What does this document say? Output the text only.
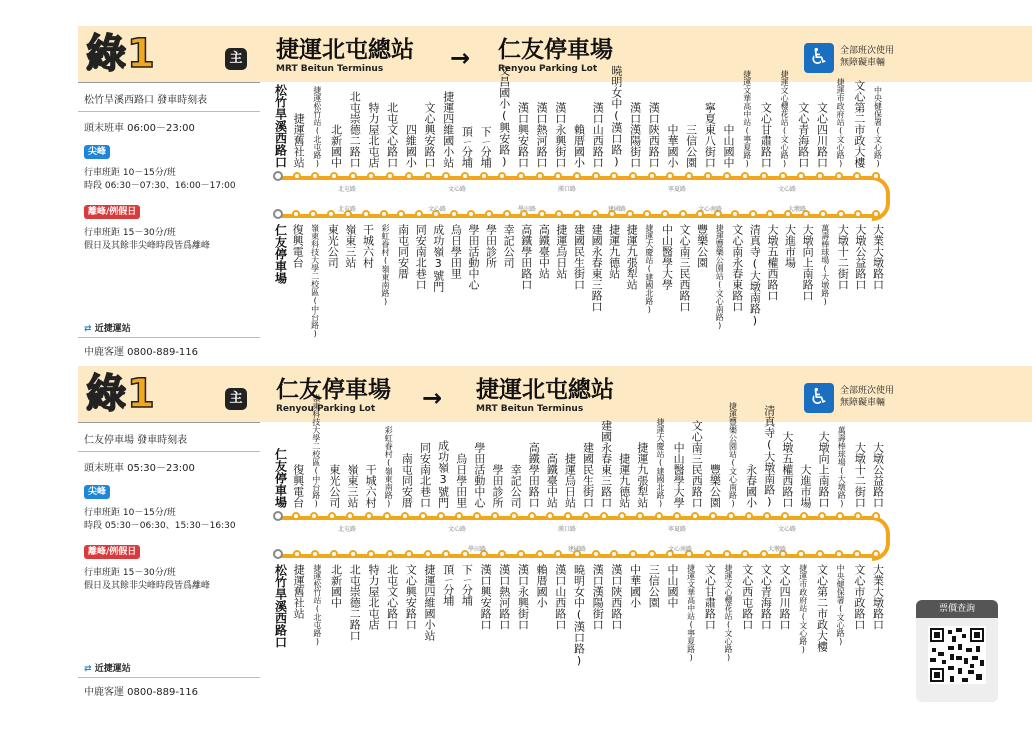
綠1	主 捷運北屯總站
MRT Beitun Terminus	→ 仁友停車場
Renyou Parking Lot	♿	全部班次使用
無障礙車輛
松竹旱溪西路口 發車時刻表
頭末班車 06:00－23:00
尖峰
行車班距 10－15分/班
時段 06:30－07:30、16:00－17:00
離峰/例假日
行車班距 15－30分/班
假日及其餘非尖峰時段皆爲離峰
⇄ 近捷運站
中鹿客運 0800-889-116
松竹旱溪西路口 捷運舊社站 捷運松竹站(北屯路) 北新國中 北屯崇德二路口 特力屋北屯店 北屯文心路口 四維國小 文心興安路口 捷運四維國小站 頂ㄧ分埔 下ㄧ分埔 文昌國小(興安路) 漢口興安路口 漢口熱河路口 漢口永興街口 賴厝國小 漢口山西路口 曉明女中(漢口路) 漢口漢陽街口 漢口陝西路口 中華國小 三信公園 寧夏東八街口 中山國中 捷運文華高中站(寧夏路) 文心甘肅路口 捷運文心櫻花站(文心路) 文心青海路口 文心四川路口 捷運市政府站(文心路) 文心第二市政大樓 中央健保署(文心路)
仁友停車場 復興電台 嶺東科技大學二校區(中台路) 東光公司 嶺東三站 干城六村 彩虹眷村(嶺東南路) 南屯同安厝 同安南北巷口 成功嶺3號門 烏日學田里 學田活動中心 學田診所 幸記公司 高鐵學田路口 高鐵臺中站 捷運烏日站 建國民生街口 建國永春東三路口 捷運九德站 捷運九張犁站 捷運大慶站(建國北路) 中山醫學大學 文心南三民西路口 豐樂公園 捷運豐樂公園站(文心南路) 文心南永春東路口 清真寺(大墩南路) 大墩五權西路口 大進市場 大墩向上南路口 萬壽棒球場(大墩路) 大墩十二街口 大墩公益路口 大業大墩路口
北屯路	文心路	學田路	建國路	文心南路	大墩路
北屯路	文心路	漢口路	寧夏路	文心路
綠1	主 仁友停車場
Renyou Parking Lot	→ 捷運北屯總站
MRT Beitun Terminus	♿	全部班次使用
無障礙車輛
仁友停車場 發車時刻表
頭末班車 05:30－23:00
尖峰
行車班距 10－15分/班
時段 05:30－06:30、15:30－16:30
離峰/例假日
行車班距 15－30分/班
假日及其餘非尖峰時段皆爲離峰
⇄ 近捷運站
中鹿客運 0800-889-116
仁友停車場 復興電台 嶺東科技大學二校區(中台路) 東光公司 嶺東三站 干城六村 彩虹眷村(嶺東南路) 南屯同安厝 同安南北巷口 成功嶺3號門 烏日學田里 學田活動中心 學田診所 幸記公司 高鐵學田路口 高鐵臺中站 捷運烏日站 建國民生街口 建國永春東三路口 捷運九德站 捷運九張犁站 捷運大慶站(建國北路) 中山醫學大學 文心南三民西路口 豐樂公園 捷運豐樂公園站(文心南路) 永春國小 清真寺(大墩南路) 大墩五權西路口 大進市場 大墩向上南路口 萬壽棒球場(大墩路) 大墩十二街口 大墩公益路口
松竹旱溪西路口 捷運舊社站 捷運松竹站(北屯路) 北新國中 北屯崇德二路口 特力屋北屯店 北屯文心路口 文心興安路口 捷運四維國小站 頂ㄧ分埔 下ㄧ分埔 漢口興安路口 漢口熱河路口 漢口永興街口 賴厝國小 漢口山西路口 曉明女中(漢口路) 漢口漢陽街口 漢口陝西路口 中華國小 三信公園 中山國中 捷運文華高中站(寧夏路) 文心甘肅路口 捷運文心櫻花站(文心路) 文心西屯路口 文心青海路口 文心四川路口 捷運市政府站(文心路) 文心第二市政大樓 中央健保署(文心路) 文心市政路口 大業大墩路口
學田路	建國路	文心南路	大墩路
北屯路	文心路	漢口路	寧夏路	文心路
票價查詢
